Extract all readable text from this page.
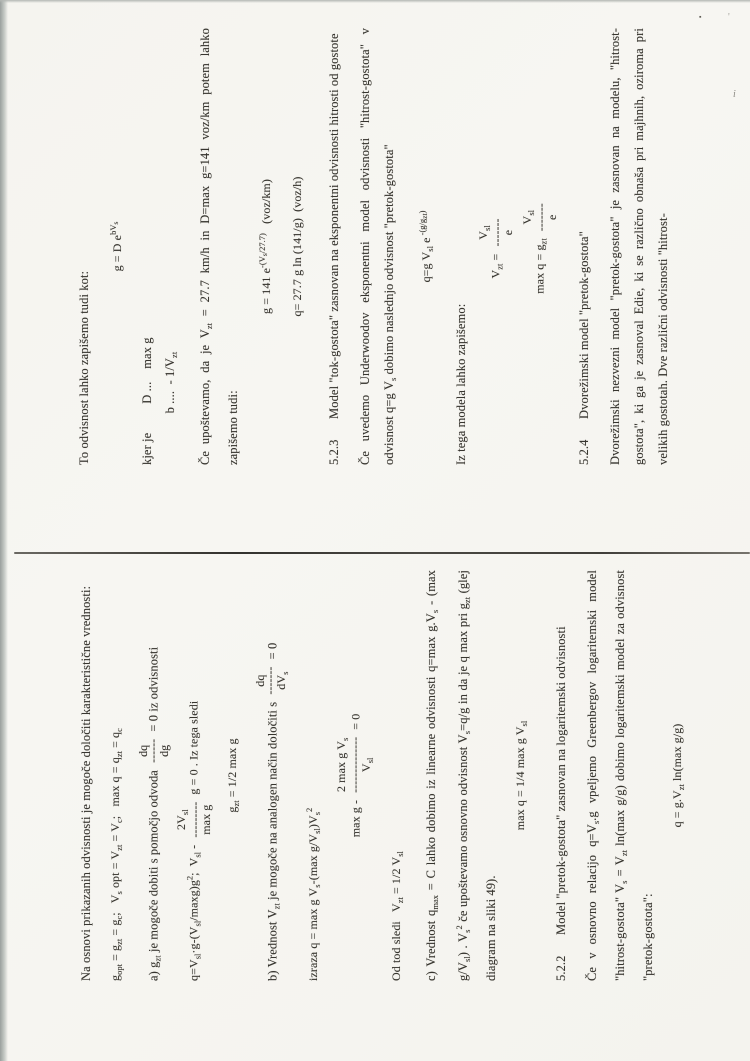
To odvisnost lahko zapišemo tudi kot:

g = D $e^{bV_s}$
kjer je         D ...    max g
b ....  - $1/V_{zt}$	Če upoštevamo, da je $V_{zt} = 27.7$ km/h in D=max g=141 voz/km potem lahko zapišemo tudi:

g = 141 $e^{-(V_s/27.7)}$   (voz/km)	q= 27.7 g ln (141/g)  (voz/h)
5.2.3
Model "tok-gostota" zasnovan na eksponentni odvisnosti hitrosti od gostote	Če uvedemo Underwoodov eksponentni model odvisnosti "hitrost-gostota" v odvisnost q=g $V_s$ dobimo naslednjo odvisnost "pretok-gostota"	q=g $V_{sl}$ e $^{-(g/g_{zt})}$

Iz tega modela lahko zapišemo:

$V_{zt}$ =
$V_{sl}$
-------
e
$\max q = g_{zt}$
$V_{sl}$
-------
e
5.2.4
Dvorežimski model "pretok-gostota"	Dvorežimski nezvezni model "pretok-gostota" je zasnovan na modelu, "hitrost-gostota", ki ga je zasnoval Edie, ki se različno obnaša pri majhnih, oziroma pri velikih gostotah. Dve različni odvisnosti "hitrost-

Na osnovi prikazanih odvisnosti je mogoče določiti karakteristične vrednosti:	$g_{opt} = g_{zt} = g_c$;   $V_s$ opt = $V_{zt} = V_c$;   $\max q = q_{zt} = q_c$

a) $g_{zt}$ je mogoče dobiti s pomočjo odvoda
dq
------
dg
= 0 iz odvisnosti

$q=V_{sl}\cdot g-(V_{sl}/\max g)g^2$;  $V_{sl}$ -
$2V_{sl}$
---------
max g
g = 0 . Iz tega sledi
$g_{zt} = 1/2$ max g

b) Vrednost $V_{zt}$ je mogoče na analogen način določiti s
dq
-------
$dV_s$
= 0

izraza q = max g $V_s-(\max$ $g/V_{sl})V_s^2$	max g -
2 max g $V_s$
--------------
$V_{sl}$
= 0
Od tod sledi   $V_{zt} = 1/2$ $V_{sl}$

c) Vrednost $q_{max} = C$ lahko dobimo iz linearne odvisnosti q=max $g.V_s - (\max$ $g/V_{sl}$) . $V_s^2$ če upoštevamo osnovno odvisnost $V_s=q/g$ in da je q max pri $g_{zt}$ (glej diagram na sliki 49).

max q = 1/4 max g $V_{sl}$
5.2.2
Model "pretok-gostota" zasnovan na logaritemski odvisnosti	Če v osnovno relacijo $q=V_s.g$ vpeljemo Greenbergov logaritemski model "hitrost-gostota" $V_s = V_{zt}$ ln(max g/g) dobimo logaritemski model za odvisnost "pretok-gostota":

$q = g.V_{zt}$ ln(max g/g)
▪	'
i
